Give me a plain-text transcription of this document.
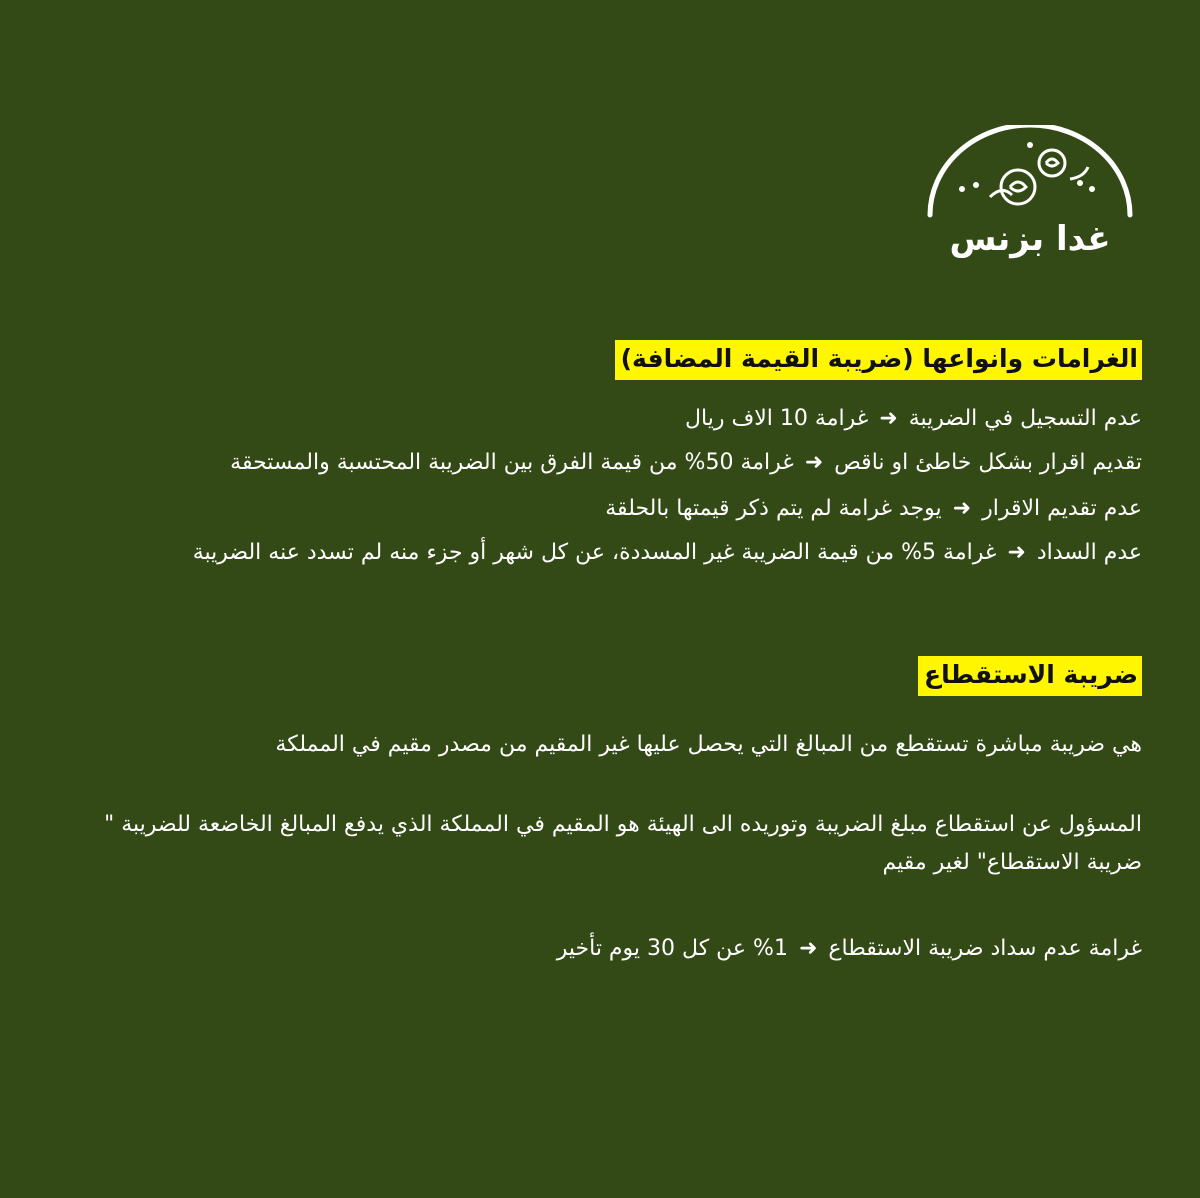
غدا بزنس
الغرامات وانواعها (ضريبة القيمة المضافة)
عدم التسجيل في الضريبة ➜ غرامة 10 الاف ريال
تقديم اقرار بشكل خاطئ او ناقص ➜ غرامة 50% من قيمة الفرق بين الضريبة المحتسبة والمستحقة
عدم تقديم الاقرار ➜ يوجد غرامة لم يتم ذكر قيمتها بالحلقة
عدم السداد ➜ غرامة 5% من قيمة الضريبة غير المسددة، عن كل شهر أو جزء منه لم تسدد عنه الضريبة
ضريبة الاستقطاع
هي ضريبة مباشرة تستقطع من المبالغ التي يحصل عليها غير المقيم من مصدر مقيم في المملكة
المسؤول عن استقطاع مبلغ الضريبة وتوريده الى الهيئة هو المقيم في المملكة الذي يدفع المبالغ الخاضعة للضريبة " ضريبة الاستقطاع" لغير مقيم
غرامة عدم سداد ضريبة الاستقطاع ➜ 1% عن كل 30 يوم تأخير
